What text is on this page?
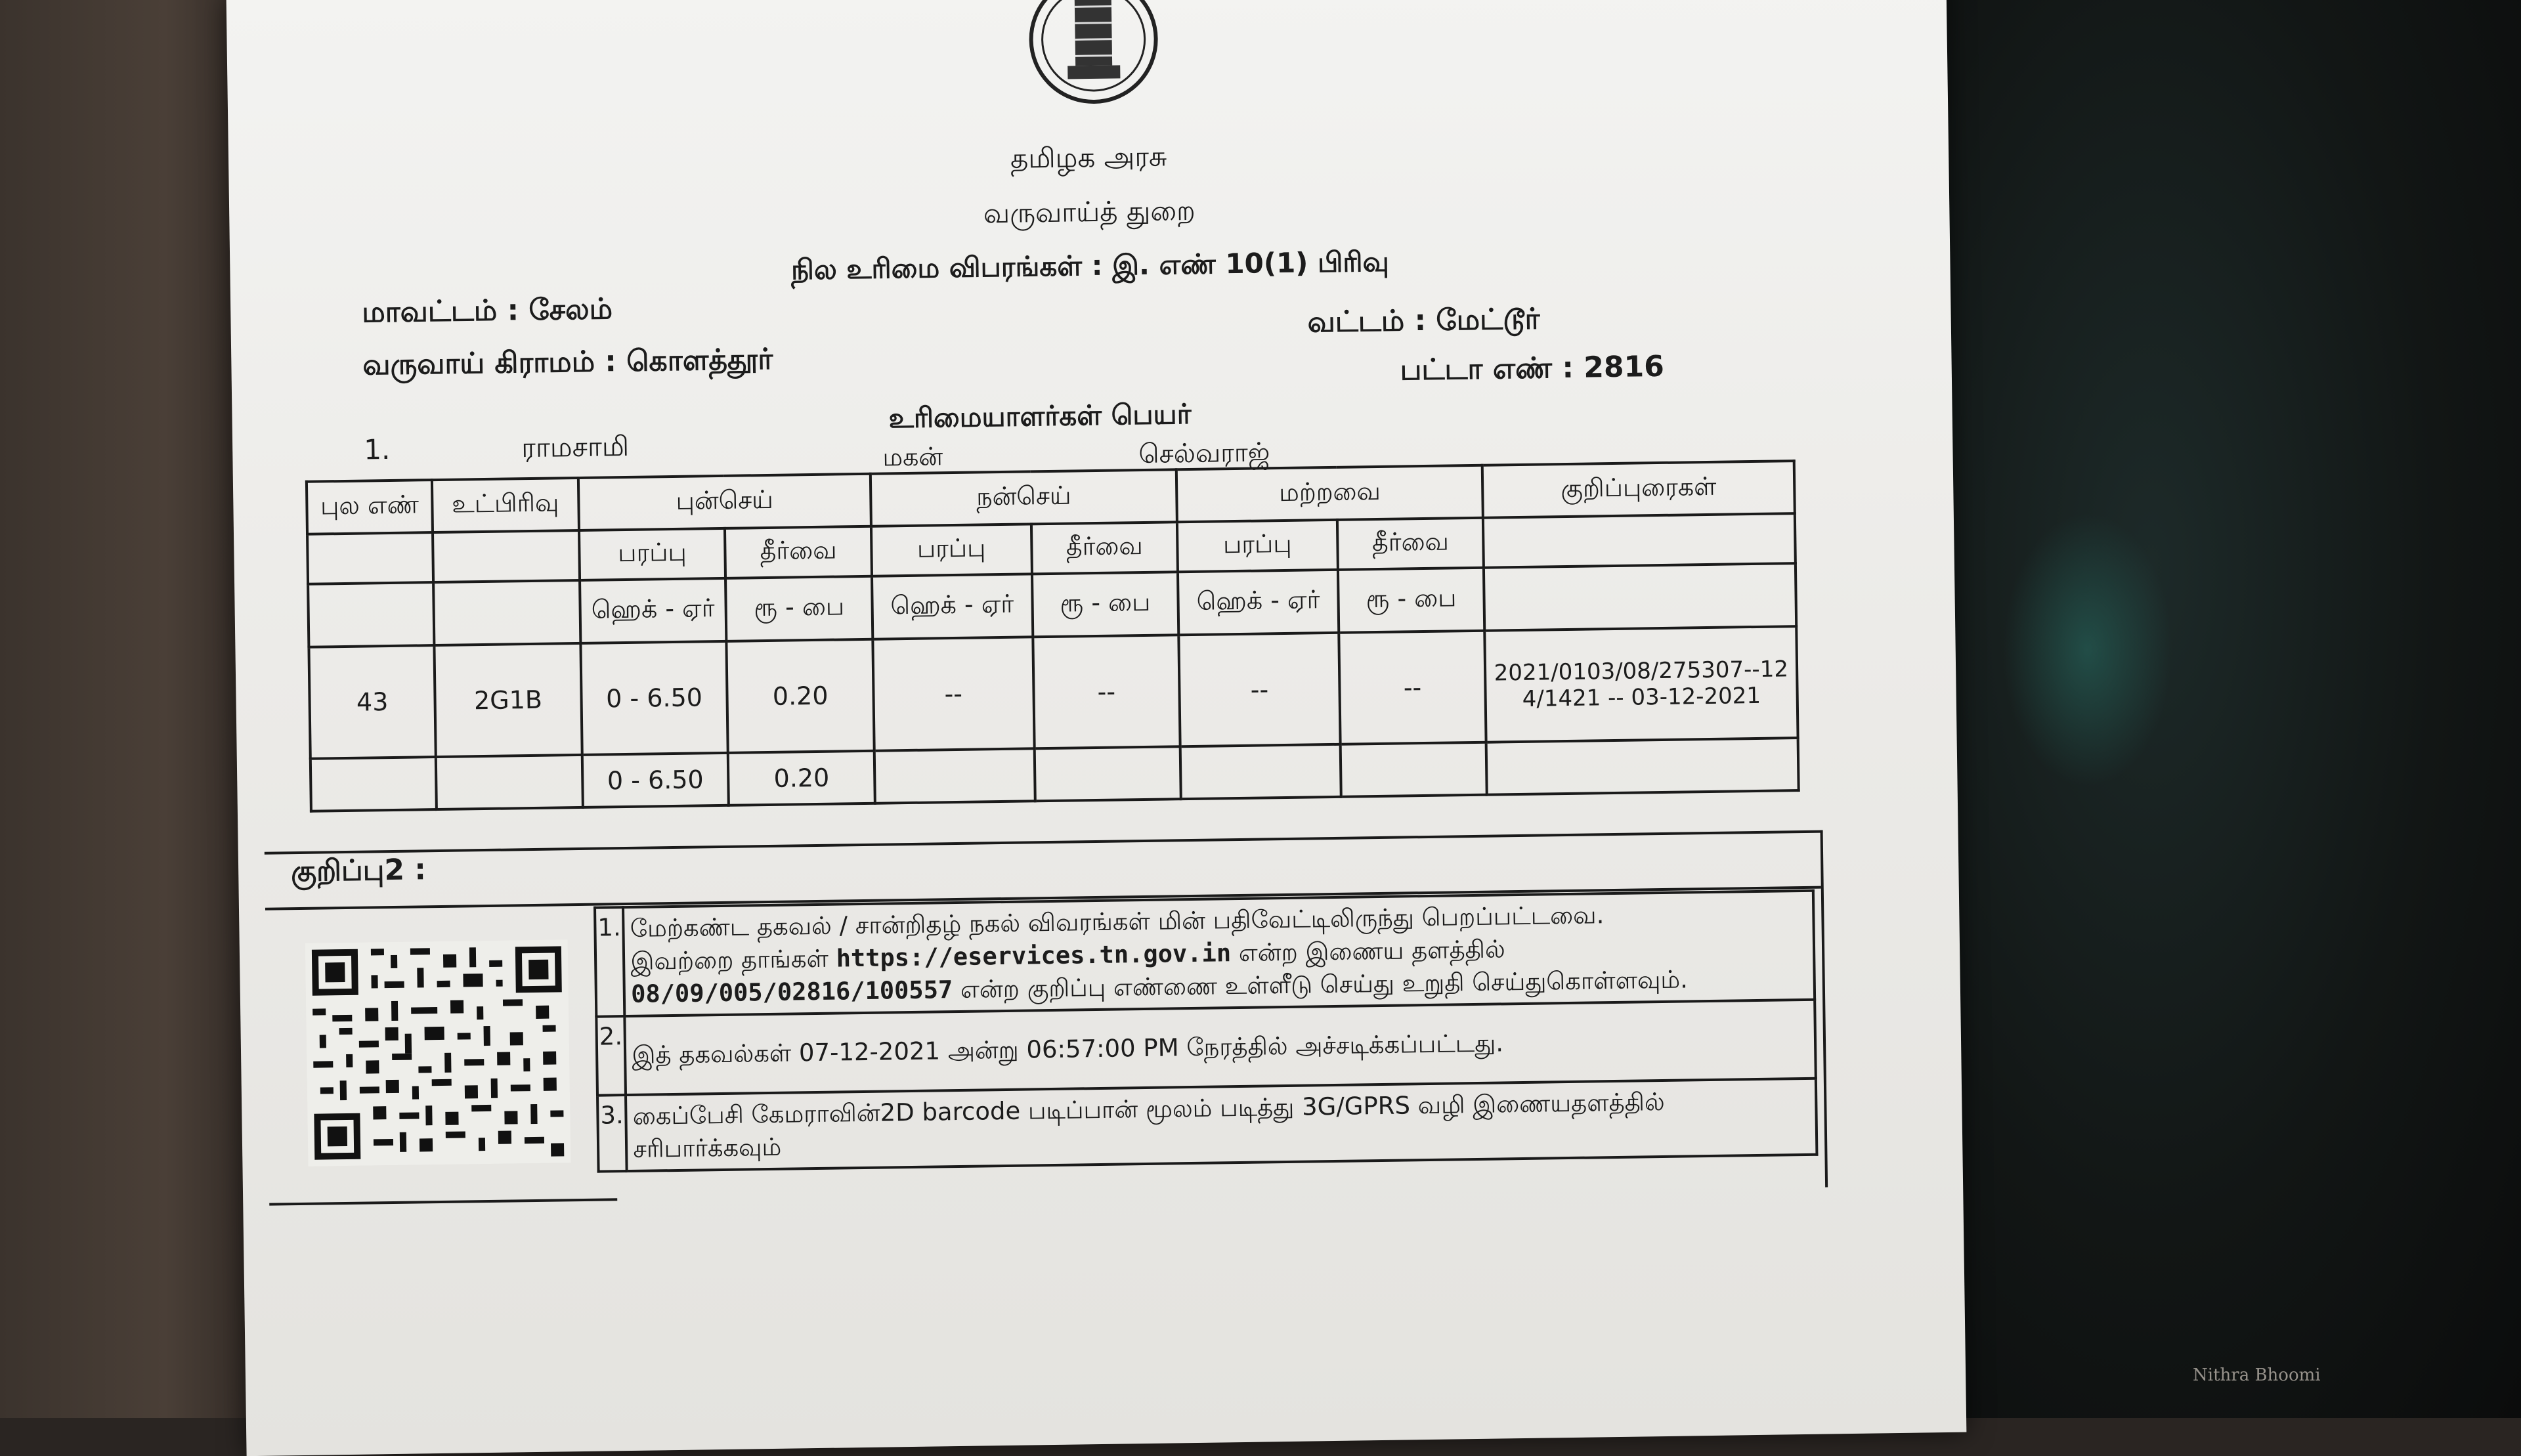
தமிழக அரசு
வருவாய்த் துறை
நில உரிமை விபரங்கள் : இ. எண் 10(1) பிரிவு
மாவட்டம் : சேலம்	வட்டம் : மேட்டூர்
வருவாய் கிராமம் : கொளத்தூர்	பட்டா எண் : 2816
உரிமையாளர்கள் பெயர்
1.	ராமசாமி	மகன்	செல்வராஜ்
புல எண்	உட்பிரிவு	புன்செய்		நன்செய்		மற்றவை		குறிப்புரைகள்
		பரப்பு	தீர்வை	பரப்பு	தீர்வை	பரப்பு	தீர்வை	
		ஹெக் - ஏர்	ரூ - பை	ஹெக் - ஏர்	ரூ - பை	ஹெக் - ஏர்	ரூ - பை	
43	2G1B	0 - 6.50	0.20	--	--	--	--	2021/0103/08/275307--124/1421 -- 03-12-2021
		0 - 6.50	0.20					
குறிப்பு2 :
1.	மேற்கண்ட தகவல் / சான்றிதழ் நகல் விவரங்கள் மின் பதிவேட்டிலிருந்து பெறப்பட்டவை.
இவற்றை தாங்கள் https://eservices.tn.gov.in என்ற இணைய தளத்தில்
08/09/005/02816/100557 என்ற குறிப்பு எண்ணை உள்ளீடு செய்து உறுதி செய்துகொள்ளவும்.

2.	இத் தகவல்கள் 07-12-2021 அன்று 06:57:00 PM நேரத்தில் அச்சடிக்கப்பட்டது.
3.	கைப்பேசி கேமராவின்2D barcode படிப்பான் மூலம் படித்து 3G/GPRS வழி இணையதளத்தில் சரிபார்க்கவும்
Nithra Bhoomi
